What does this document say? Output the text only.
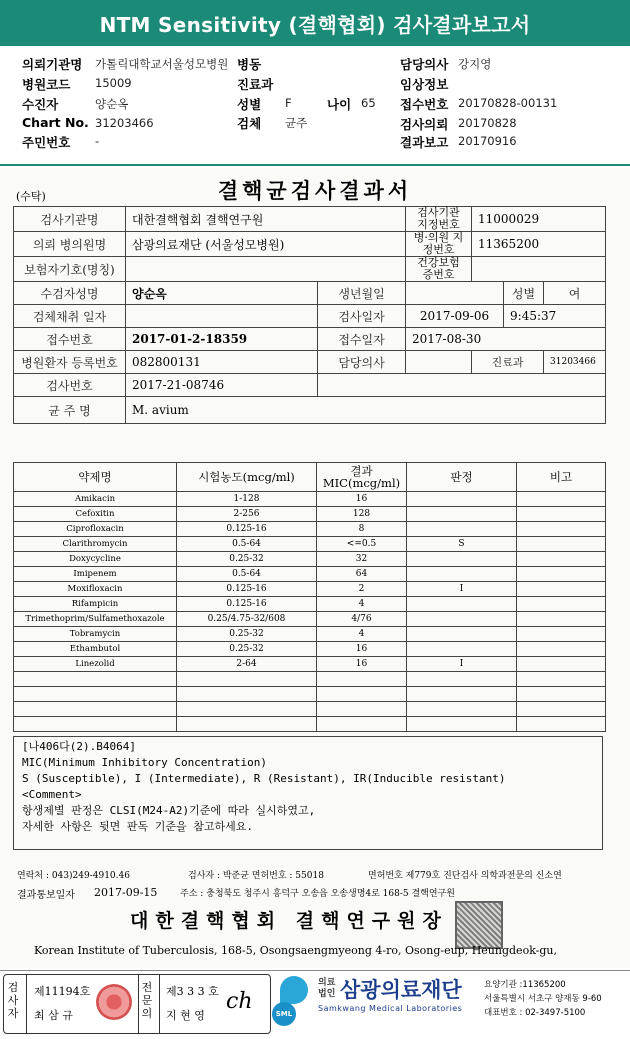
NTM Sensitivity (결핵협회) 검사결과보고서
의뢰기관명 가톨릭대학교서울성모병원 병동	담당의사 강지영
병원코드 15009	진료과	임상정보
수진자	양순옥	성별 F	나이 65 접수번호 20170828-00131
Chart No. 31203466	검체 균주	검사의뢰 20170828
주민번호 -	결과보고 20170916
(수탁)	결핵균검사결과서
검사기관명	대한결핵협회 결핵연구원		검사기관 지정번호	11000029		
의뢰 병의원명	삼광의료재단 (서울성모병원)		병·의원 지정번호	11365200		
보험자기호(명칭)			건강보험증번호			
수검자성명	양순옥	생년월일			성별	여
검체채취 일자		검사일자	2017-09-06		9:45:37	
접수번호	2017-01-2-18359	접수일자	2017-08-30			
병원환자 등록번호	082800131	담당의사		진료과		31203466
검사번호	2017-21-08746					
균 주 명	M. avium					
약제명	시험농도(mcg/ml)	결과 MIC(mcg/ml)	판정	비고
Amikacin	1-128	16		
Cefoxitin	2-256	128		
Ciprofloxacin	0.125-16	8		
Clarithromycin	0.5-64	<=0.5	S	
Doxycycline	0.25-32	32		
Imipenem	0.5-64	64		
Moxifloxacin	0.125-16	2	I	
Rifampicin	0.125-16	4		
Trimethoprim/Sulfamethoxazole	0.25/4.75-32/608	4/76		
Tobramycin	0.25-32	4		
Ethambutol	0.25-32	16		
Linezolid	2-64	16	I	

[나406다(2).B4064]
MIC(Minimum Inhibitory Concentration)
S (Susceptible), I (Intermediate), R (Resistant), IR(Inducible resistant)
<Comment>
항생제별 판정은 CLSI(M24-A2)기준에 따라 실시하였고,
자세한 사항은 뒷면 판독 기준을 참고하세요.
연락처 : 043)249-4910.46	검사자 : 박준균 면허번호 : 55018	면허번호 제779호 진단검사 의학과전문의 신소연
결과통보일자 2017-09-15	주소 : 충청북도 청주시 흥덕구 오송읍 오송생명4로 168-5 결핵연구원
대한결핵협회 결핵연구원장
Korean Institute of Tuberculosis, 168-5, Osongsaengmyeong 4-ro, Osong-eup, Heungdeok-gu,
검사자
제11194호
최 삼 규
전문의
제3 3 3 호
지 현 영
ch	SML
의료법인 삼광의료재단
Samkwang Medical Laboratories
요양기관 :11365200
서울특별시 서초구 양재동 9-60
대표번호 : 02-3497-5100
